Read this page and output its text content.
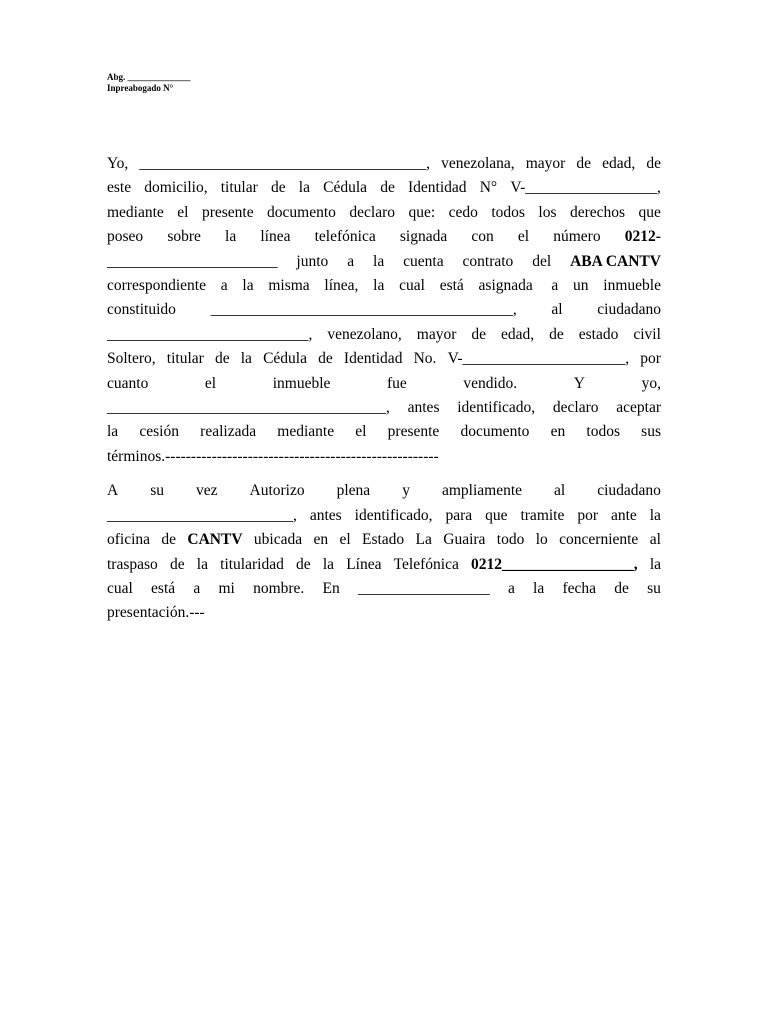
Abg. ______________
Inpreabogado N°
Yo, _____________________________________, venezolana, mayor de edad, de
este domicilio, titular de la Cédula de Identidad N° V-_________________,
mediante el presente documento declaro que: cedo todos los derechos que
poseo sobre la línea telefónica signada con el número 0212-
______________________ junto a la cuenta contrato del ABA CANTV
correspondiente a la misma línea, la cual está asignada a un inmueble
constituido _______________________________________, al ciudadano
__________________________, venezolano, mayor de edad, de estado civil
Soltero, titular de la Cédula de Identidad No. V-_____________________, por
cuanto	el	inmueble	fue	vendido.	Y	yo,
____________________________________, antes identificado, declaro aceptar
la cesión realizada mediante el presente documento en todos sus
términos.-----------------------------------------------------
A su vez Autorizo plena y ampliamente al ciudadano
________________________, antes identificado, para que tramite por ante la
oficina de CANTV ubicada en el Estado La Guaira todo lo concerniente al
traspaso de la titularidad de la Línea Telefónica 0212_________________, la
cual está a mi nombre. En _________________ a la fecha de su
presentación.---
